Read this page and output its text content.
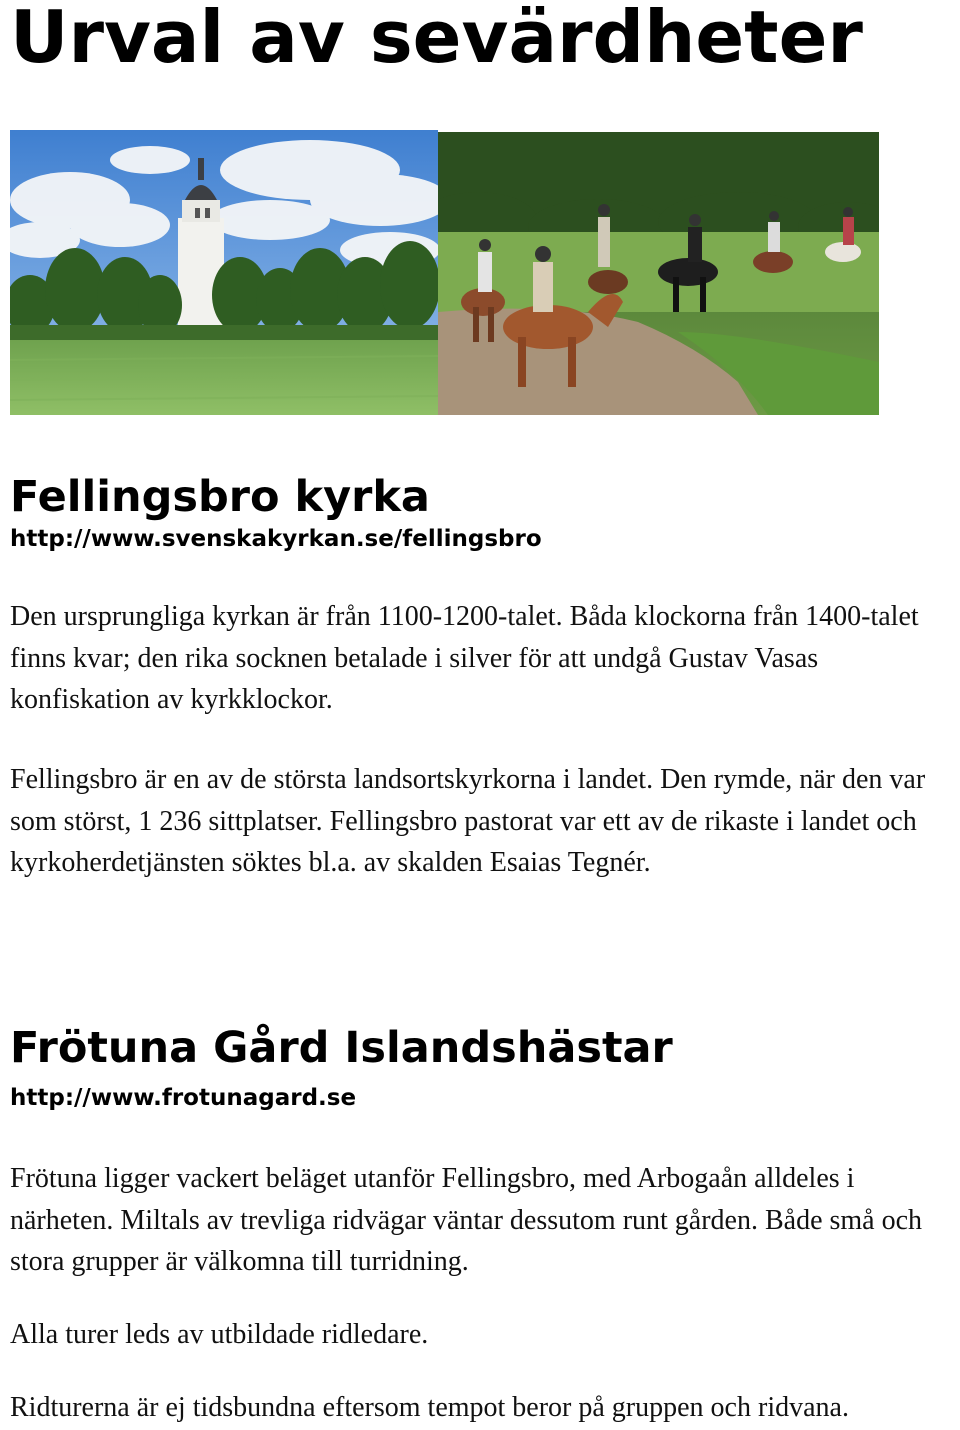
Urval av sevärdheter
Fellingsbro kyrka
http://www.svenskakyrkan.se/fellingsbro

Den ursprungliga kyrkan är från 1100-1200-talet. Båda klockorna från 1400-talet finns kvar; den rika socknen betalade i silver för att undgå Gustav Vasas konfiskation av kyrkklockor.

Fellingsbro är en av de största landsortskyrkorna i landet. Den rymde, när den var som störst, 1 236 sittplatser. Fellingsbro pastorat var ett av de rikaste i landet och kyrkoherdetjänsten söktes bl.a. av skalden Esaias Tegnér.

Frötuna Gård Islandshästar
http://www.frotunagard.se

Frötuna ligger vackert beläget utanför Fellingsbro, med Arbogaån alldeles i närheten. Miltals av trevliga ridvägar väntar dessutom runt gården. Både små och stora grupper är välkomna till turridning.

Alla turer leds av utbildade ridledare.

Ridturerna är ej tidsbundna eftersom tempot beror på gruppen och ridvana.
